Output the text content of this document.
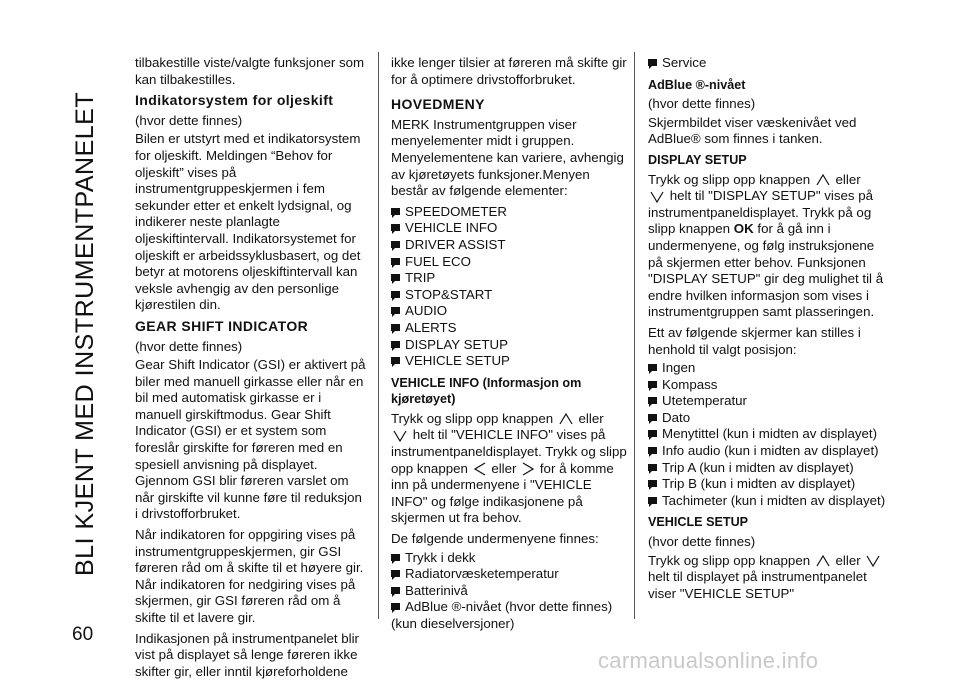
BLI KJENT MED INSTRUMENTPANELET
60

tilbakestille viste/valgte funksjoner som kan tilbakestilles.

Indikatorsystem for oljeskift

(hvor dette finnes)

Bilen er utstyrt med et indikatorsystem for oljeskift. Meldingen “Behov for oljeskift” vises på instrumentgruppeskjermen i fem sekunder etter et enkelt lydsignal, og indikerer neste planlagte oljeskiftintervall. Indikatorsystemet for oljeskift er arbeidssyklusbasert, og det betyr at motorens oljeskiftintervall kan veksle avhengig av den personlige kjørestilen din.

GEAR SHIFT INDICATOR

(hvor dette finnes)

Gear Shift Indicator (GSI) er aktivert på biler med manuell girkasse eller når en bil med automatisk girkasse er i manuell girskiftmodus. Gear Shift Indicator (GSI) er et system som foreslår girskifte for føreren med en spesiell anvisning på displayet. Gjennom GSI blir føreren varslet om når girskifte vil kunne føre til reduksjon i drivstofforbruket.

Når indikatoren for oppgiring vises på instrumentgruppeskjermen, gir GSI føreren råd om å skifte til et høyere gir. Når indikatoren for nedgiring vises på skjermen, gir GSI føreren råd om å skifte til et lavere gir.

Indikasjonen på instrumentpanelet blir vist på displayet så lenge føreren ikke skifter gir, eller inntil kjøreforholdene

ikke lenger tilsier at føreren må skifte gir for å optimere drivstofforbruket.

HOVEDMENY

MERK Instrumentgruppen viser menyelementer midt i gruppen. Menyelementene kan variere, avhengig av kjøretøyets funksjoner.Menyen består av følgende elementer:

SPEEDOMETER
VEHICLE INFO
DRIVER ASSIST
FUEL ECO
TRIP
STOP&START
AUDIO
ALERTS
DISPLAY SETUP
VEHICLE SETUP
VEHICLE INFO (Informasjon om kjøretøyet)

Trykk og slipp opp knappen eller
helt til "VEHICLE INFO" vises på instrumentpaneldisplayet. Trykk og slipp opp knappen eller for å komme inn på undermenyene i "VEHICLE INFO" og følge indikasjonene på skjermen ut fra behov.

De følgende undermenyene finnes:

Trykk i dekk
Radiatorvæsketemperatur
Batterinivå
AdBlue ®-nivået (hvor dette finnes)

(kun dieselversjoner)

Service
AdBlue ®-nivået

(hvor dette finnes)

Skjermbildet viser væskenivået ved AdBlue® som finnes i tanken.

DISPLAY SETUP

Trykk og slipp opp knappen eller
helt til "DISPLAY SETUP" vises på instrumentpaneldisplayet. Trykk på og slipp knappen OK for å gå inn i undermenyene, og følg instruksjonene på skjermen etter behov. Funksjonen "DISPLAY SETUP" gir deg mulighet til å endre hvilken informasjon som vises i instrumentgruppen samt plasseringen.

Ett av følgende skjermer kan stilles i henhold til valgt posisjon:

Ingen
Kompass
Utetemperatur
Dato
Menytittel (kun i midten av displayet)
Info audio (kun i midten av displayet)
Trip A (kun i midten av displayet)
Trip B (kun i midten av displayet)
Tachimeter (kun i midten av displayet)
VEHICLE SETUP

(hvor dette finnes)

Trykk og slipp opp knappen eller  helt til displayet på instrumentpanelet viser "VEHICLE SETUP"

carmanualsonline.info
